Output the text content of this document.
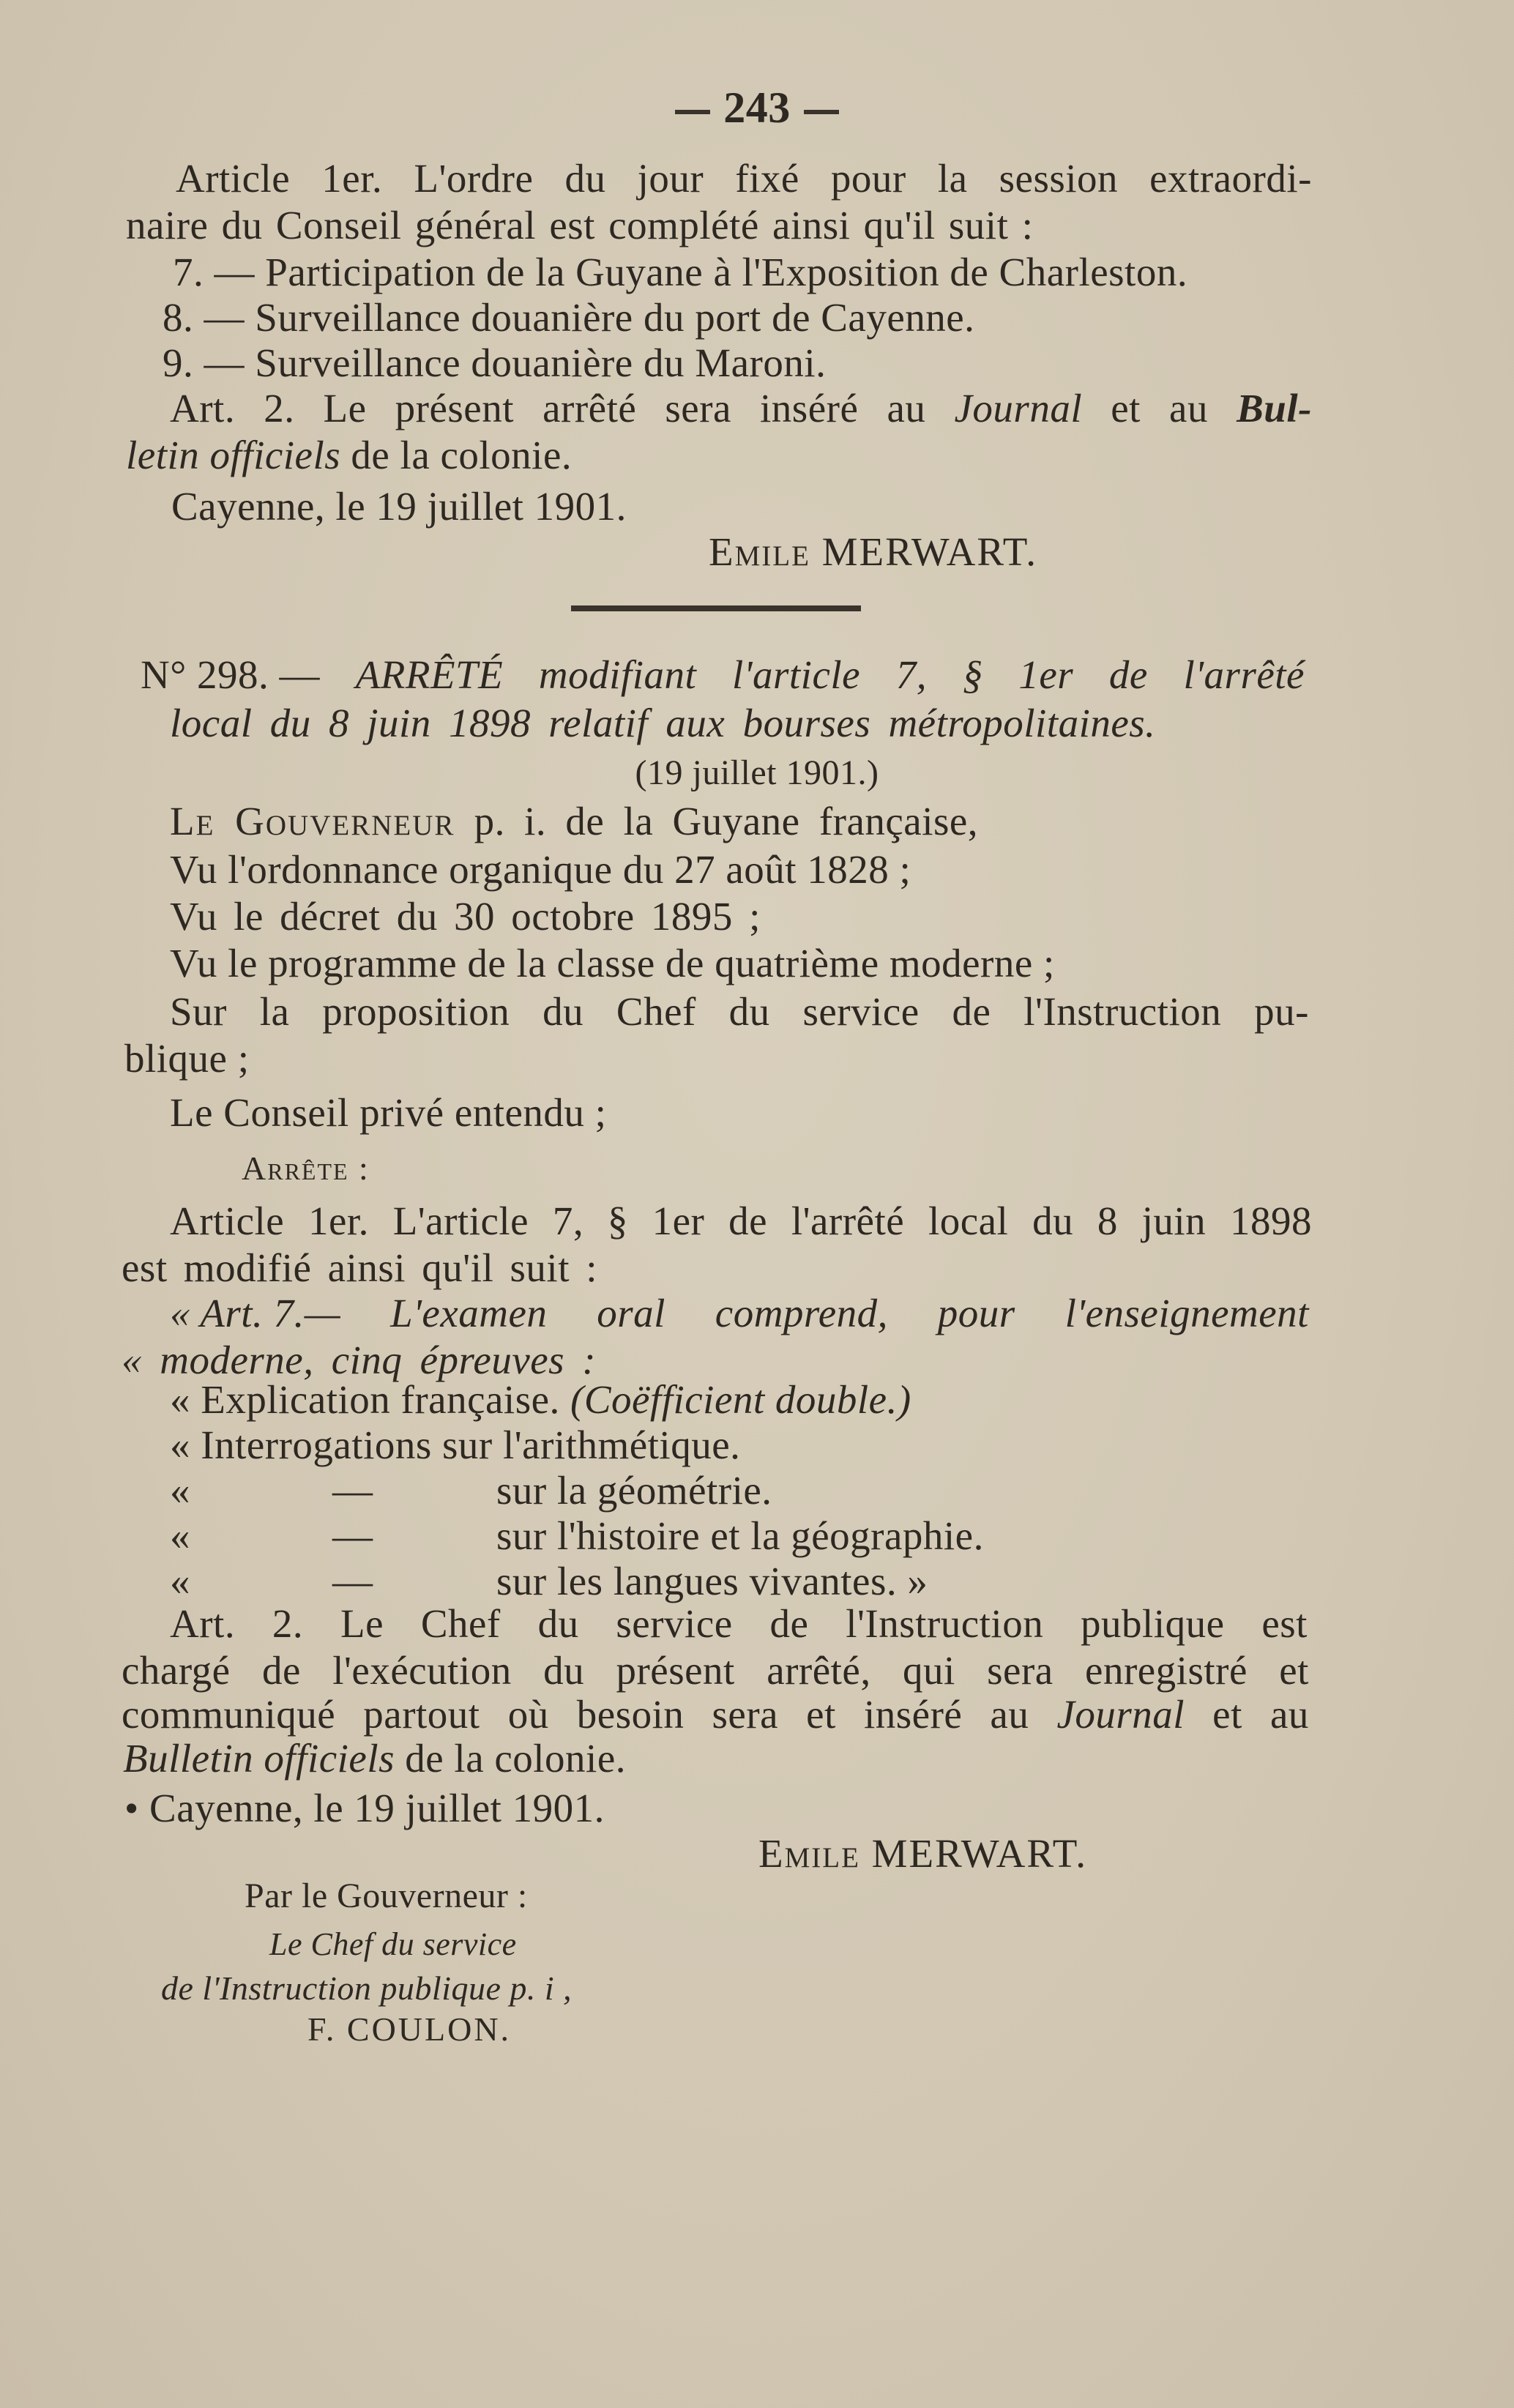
243
Article 1er. L'ordre du jour fixé pour la session extraordi-
naire du Conseil général est complété ainsi qu'il suit :
7. — Participation de la Guyane à l'Exposition de Charleston.
8. — Surveillance douanière du port de Cayenne.
9. — Surveillance douanière du Maroni.
Art. 2. Le présent arrêté sera inséré au Journal et au Bul-
letin officiels de la colonie.
Cayenne, le 19 juillet 1901.
Emile MERWART.
N° 298. — ARRÊTÉ modifiant l'article 7, § 1er de l'arrêté
local du 8 juin 1898 relatif aux bourses métropolitaines.
(19 juillet 1901.)
Le Gouverneur p. i. de la Guyane française,
Vu l'ordonnance organique du 27 août 1828 ;
Vu le décret du 30 octobre 1895 ;
Vu le programme de la classe de quatrième moderne ;
Sur la proposition du Chef du service de l'Instruction pu-
blique ;
Le Conseil privé entendu ;
Arrête :
Article 1er. L'article 7, § 1er de l'arrêté local du 8 juin 1898
est modifié ainsi qu'il suit :
« Art. 7.— L'examen oral comprend, pour l'enseignement
« moderne, cinq épreuves :
« Explication française. (Coëfficient double.)
« Interrogations sur l'arithmétique.
«	—	sur la géométrie.
«	—	sur l'histoire et la géographie.
«	—	sur les langues vivantes. »
Art. 2. Le Chef du service de l'Instruction publique est
chargé de l'exécution du présent arrêté, qui sera enregistré et
communiqué partout où besoin sera et inséré au Journal et au
Bulletin officiels de la colonie.
• Cayenne, le 19 juillet 1901.
Emile MERWART.
Par le Gouverneur :
Le Chef du service
de l'Instruction publique p. i ,
F. COULON.
